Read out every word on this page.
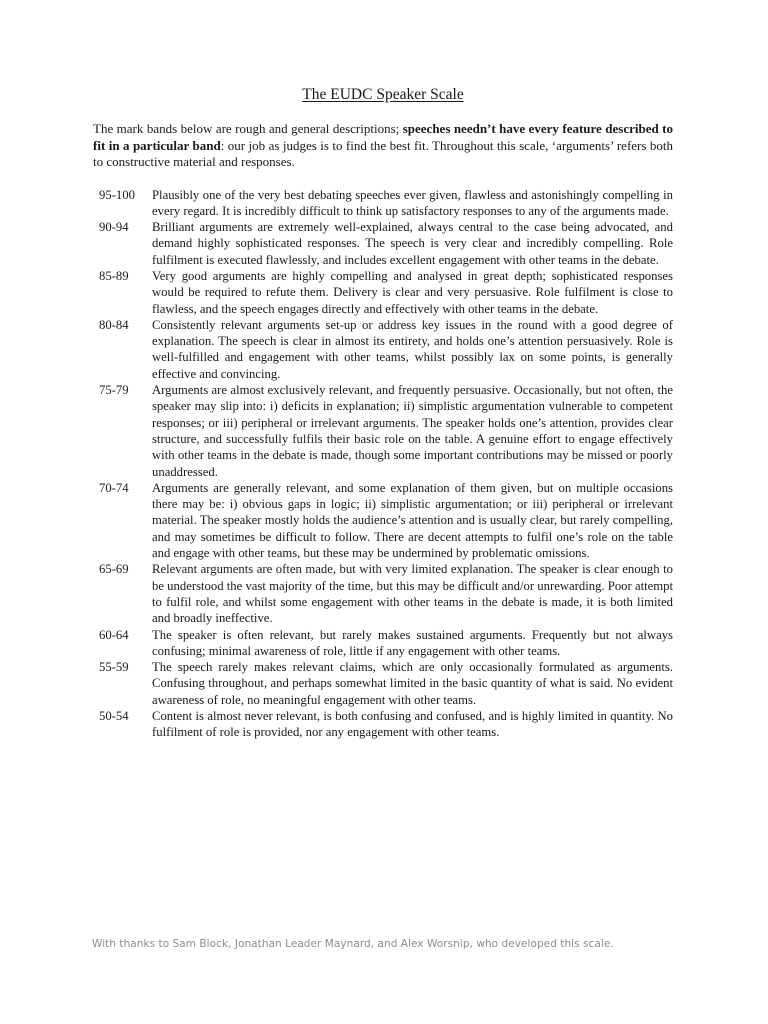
The EUDC Speaker Scale

The mark bands below are rough and general descriptions; speeches needn’t have every feature described to fit in a particular band: our job as judges is to find the best fit. Throughout this scale, ‘arguments’ refers both to constructive material and responses.

95-100	Plausibly one of the very best debating speeches ever given, flawless and astonishingly compelling in every regard. It is incredibly difficult to think up satisfactory responses to any of the arguments made.
90-94	Brilliant arguments are extremely well-explained, always central to the case being advocated, and demand highly sophisticated responses. The speech is very clear and incredibly compelling. Role fulfilment is executed flawlessly, and includes excellent engagement with other teams in the debate.
85-89	Very good arguments are highly compelling and analysed in great depth; sophisticated responses would be required to refute them. Delivery is clear and very persuasive. Role fulfilment is close to flawless, and the speech engages directly and effectively with other teams in the debate.
80-84	Consistently relevant arguments set-up or address key issues in the round with a good degree of explanation. The speech is clear in almost its entirety, and holds one’s attention persuasively. Role is well-fulfilled and engagement with other teams, whilst possibly lax on some points, is generally effective and convincing.
75-79	Arguments are almost exclusively relevant, and frequently persuasive. Occasionally, but not often, the speaker may slip into: i) deficits in explanation; ii) simplistic argumentation vulnerable to competent responses; or iii) peripheral or irrelevant arguments. The speaker holds one’s attention, provides clear structure, and successfully fulfils their basic role on the table. A genuine effort to engage effectively with other teams in the debate is made, though some important contributions may be missed or poorly unaddressed.
70-74	Arguments are generally relevant, and some explanation of them given, but on multiple occasions there may be: i) obvious gaps in logic; ii) simplistic argumentation; or iii) peripheral or irrelevant material. The speaker mostly holds the audience’s attention and is usually clear, but rarely compelling, and may sometimes be difficult to follow. There are decent attempts to fulfil one’s role on the table and engage with other teams, but these may be undermined by problematic omissions.
65-69	Relevant arguments are often made, but with very limited explanation. The speaker is clear enough to be understood the vast majority of the time, but this may be difficult and/or unrewarding. Poor attempt to fulfil role, and whilst some engagement with other teams in the debate is made, it is both limited and broadly ineffective.
60-64	The speaker is often relevant, but rarely makes sustained arguments. Frequently but not always confusing; minimal awareness of role, little if any engagement with other teams.
55-59	The speech rarely makes relevant claims, which are only occasionally formulated as arguments. Confusing throughout, and perhaps somewhat limited in the basic quantity of what is said. No evident awareness of role, no meaningful engagement with other teams.
50-54	Content is almost never relevant, is both confusing and confused, and is highly limited in quantity. No fulfilment of role is provided, nor any engagement with other teams.
With thanks to Sam Block, Jonathan Leader Maynard, and Alex Worsnip, who developed this scale.
